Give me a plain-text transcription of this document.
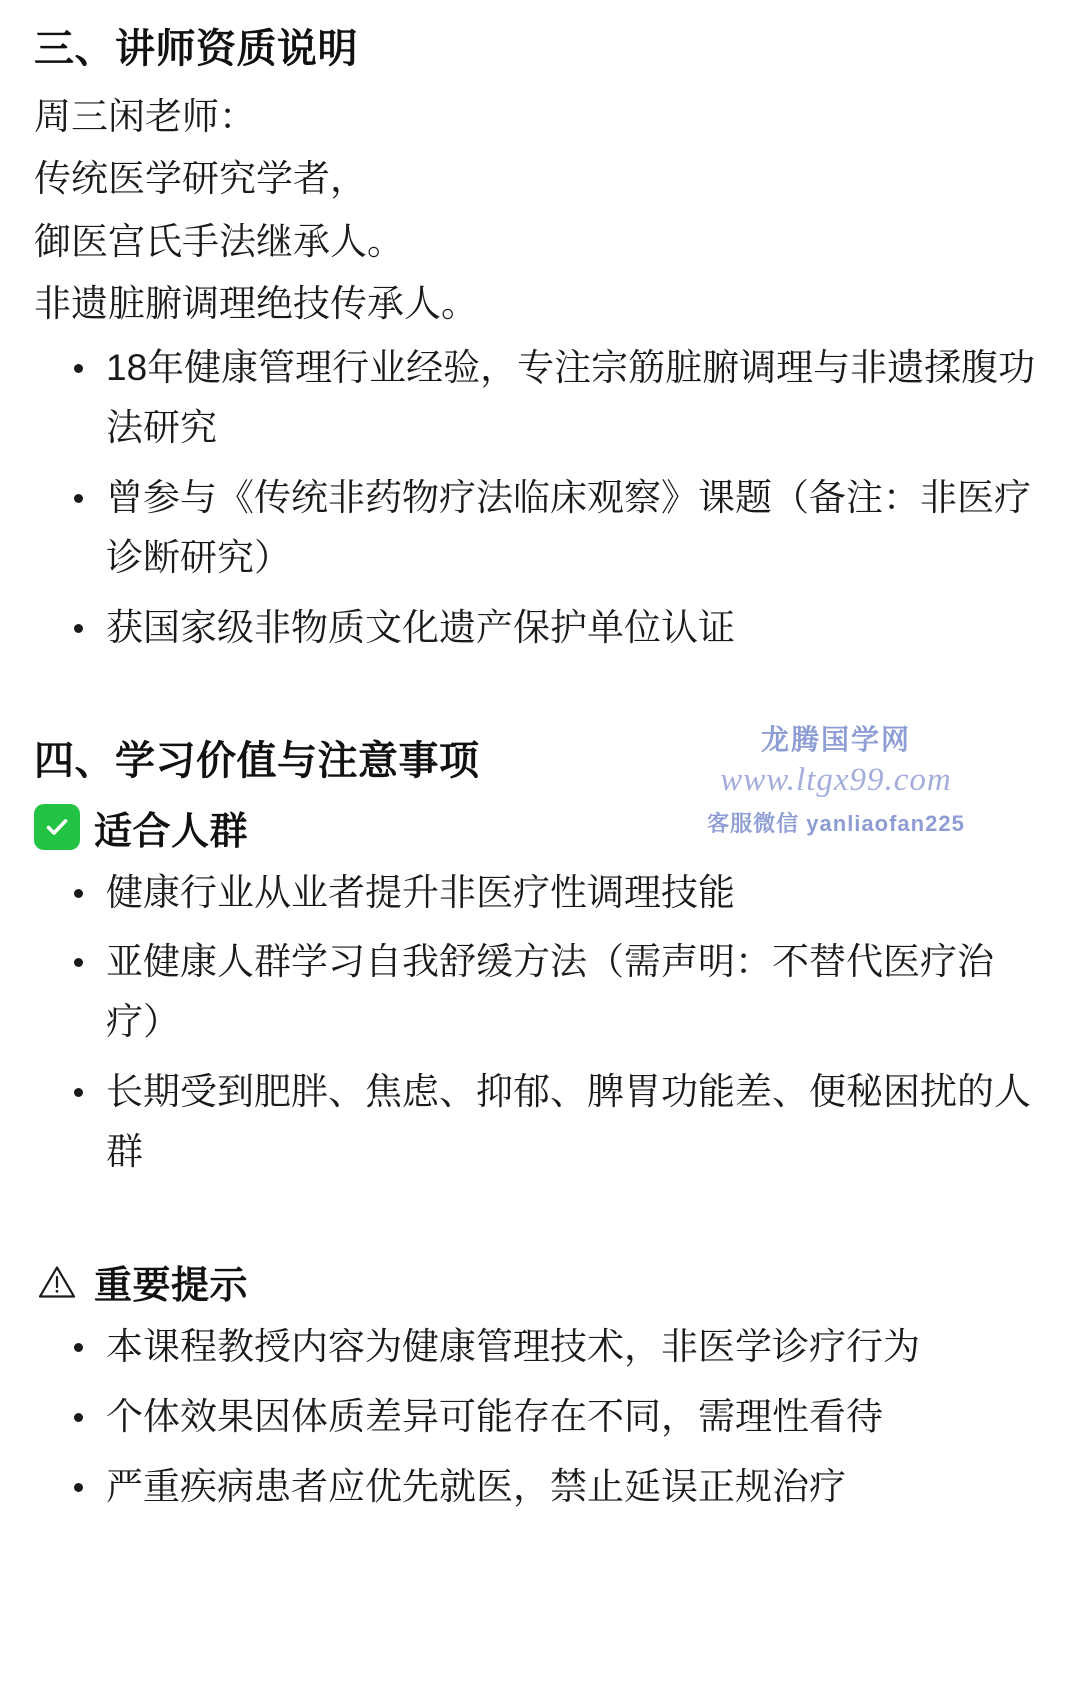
三、讲师资质说明

周三闲老师：

传统医学研究学者，

御医宫氏手法继承人。

非遗脏腑调理绝技传承人。

18年健康管理行业经验，专注宗筋脏腑调理与非遗揉腹功法研究
曾参与《传统非药物疗法临床观察》课题（备注：非医疗诊断研究）
获国家级非物质文化遗产保护单位认证
四、学习价值与注意事项
适合人群
健康行业从业者提升非医疗性调理技能
亚健康人群学习自我舒缓方法（需声明：不替代医疗治疗）
长期受到肥胖、焦虑、抑郁、脾胃功能差、便秘困扰的人群
重要提示
本课程教授内容为健康管理技术，非医学诊疗行为
个体效果因体质差异可能存在不同，需理性看待
严重疾病患者应优先就医，禁止延误正规治疗
龙腾国学网
www.ltgx99.com
客服微信 yanliaofan225
